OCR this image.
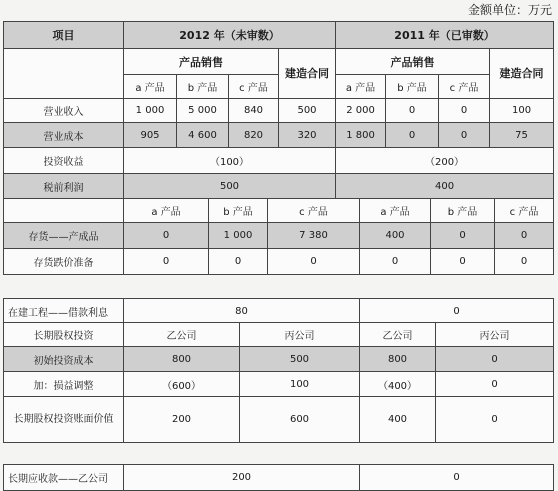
金额单位：万元
项目	2012 年（未审数）				2011 年（已审数）			
	产品销售			建造合同	产品销售			建造合同
	a 产品	b 产品	c 产品		a 产品	b 产品	c 产品	
营业收入	1 000	5 000	840	500	2 000	0	0	100
营业成本	905	4 600	820	320	1 800	0	0	75
投资收益	（100）				（200）			
税前利润	500				400			
	a 产品	b 产品	c 产品	a 产品	b 产品	c 产品
存货——产成品	0	1 000	7 380	400	0	0
存货跌价准备	0	0	0	0	0	0
在建工程——借款利息	80	0
长期股权投资	乙公司	丙公司	乙公司	丙公司
初始投资成本	800	500	800	0
加：损益调整	（600）	100	（400）	0
长期股权投资账面价值	200	600	400	0
长期应收款——乙公司	200	0
